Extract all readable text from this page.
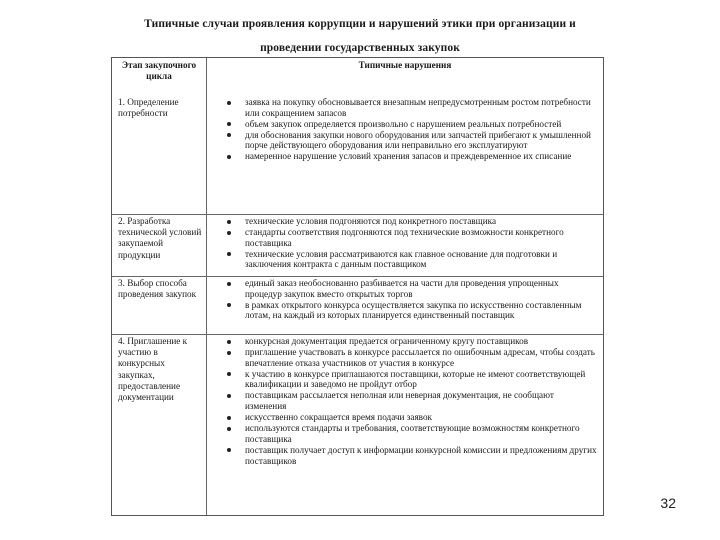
Типичные случаи проявления коррупции и нарушений этики при организации и
проведении государственных закупок
Этап закупочного цикла
Типичные нарушения
1. Определение потребности
заявка на покупку обосновывается внезапным непредусмотренным ростом потребности или сокращением запасов
объем закупок определяется произвольно с нарушением реальных потребностей
для обоснования закупки нового оборудования или запчастей прибегают к умышленной порче действующего оборудования или неправильно его эксплуатируют
намеренное нарушение условий хранения запасов и преждевременное их списание
2. Разработка технической условий закупаемой продукции
технические условия подгоняются под конкретного поставщика
стандарты соответствия подгоняются под технические возможности конкретного поставщика
технические условия рассматриваются как главное основание для подготовки и заключения контракта с данным поставщиком
3. Выбор способа проведения закупок
единый заказ необоснованно разбивается на части для проведения упрощенных процедур закупок вместо открытых торгов
в рамках открытого конкурса осуществляется закупка по искусственно составленным лотам, на каждый из которых планируется единственный поставщик
4. Приглашение к участию в конкурсных закупках, предоставление документации
конкурсная документация предается ограниченному кругу поставщиков
приглашение участвовать в конкурсе рассылается по ошибочным адресам, чтобы создать впечатление отказа участников от участия в конкурсе
к участию в конкурсе приглашаются поставщики, которые не имеют соответствующей квалификации и заведомо не пройдут отбор
поставщикам рассылается неполная или неверная документация, не сообщают изменения
искусственно сокращается время подачи заявок
используются стандарты и требования, соответствующие возможностям конкретного поставщика
поставщик получает доступ к информации конкурсной комиссии и предложениям других поставщиков
32
